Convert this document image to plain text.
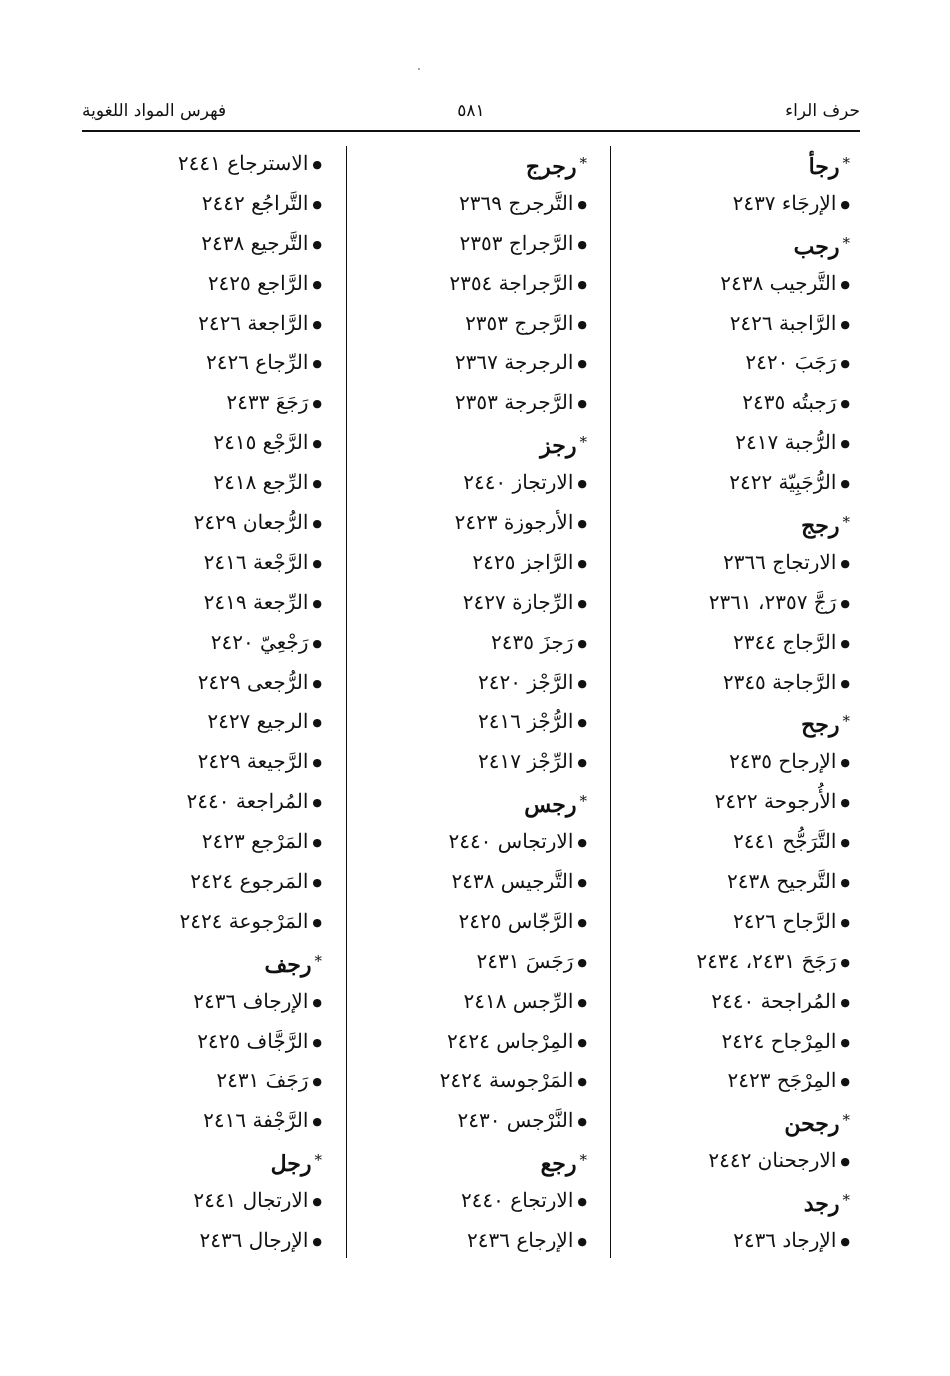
حرف الراء
٥٨١
فهرس المواد اللغوية
*رجأ
●الإرجَاء ٢٤٣٧
*رجب
●التَّرجيب ٢٤٣٨
●الرَّاجبة ٢٤٢٦
●رَجَبَ ٢٤٢٠
●رَجبتُه ٢٤٣٥
●الرُّجبة ٢٤١٧
●الرُّجَبِيّة ٢٤٢٢
*رجج
●الارتجاج ٢٣٦٦
●رَجَّ ٢٣٥٧، ٢٣٦١
●الرَّجاج ٢٣٤٤
●الرَّجاجة ٢٣٤٥
*رجح
●الإرجاح ٢٤٣٥
●الأُرجوحة ٢٤٢٢
●التَّرَجُّح ٢٤٤١
●التَّرجيح ٢٤٣٨
●الرَّجاح ٢٤٢٦
●رَجَحَ ٢٤٣١، ٢٤٣٤
●المُراجحة ٢٤٤٠
●المِرْجاح ٢٤٢٤
●المِرْجَح ٢٤٢٣
*رجحن
●الارجحنان ٢٤٤٢
*رجد
●الإرجاد ٢٤٣٦
*رجرج
●التَّرجرج ٢٣٦٩
●الرَّجراج ٢٣٥٣
●الرَّجراجة ٢٣٥٤
●الرَّجرج ٢٣٥٣
●الرجرجة ٢٣٦٧
●الرَّجرجة ٢٣٥٣
*رجز
●الارتجاز ٢٤٤٠
●الأرجوزة ٢٤٢٣
●الرَّاجز ٢٤٢٥
●الرِّجازة ٢٤٢٧
●رَجزَ ٢٤٣٥
●الرَّجْز ٢٤٢٠
●الرُّجْز ٢٤١٦
●الرِّجْز ٢٤١٧
*رجس
●الارتجاس ٢٤٤٠
●التَّرجيس ٢٤٣٨
●الرَّجّاس ٢٤٢٥
●رَجَسَ ٢٤٣١
●الرِّجس ٢٤١٨
●المِرْجاس ٢٤٢٤
●المَرْجوسة ٢٤٢٤
●النَّرْجس ٢٤٣٠
*رجع
●الارتجاع ٢٤٤٠
●الإرجاع ٢٤٣٦
●الاسترجاع ٢٤٤١
●التَّراجُع ٢٤٤٢
●التَّرجيع ٢٤٣٨
●الرَّاجع ٢٤٢٥
●الرَّاجعة ٢٤٢٦
●الرِّجاع ٢٤٢٦
●رَجَعَ ٢٤٣٣
●الرَّجْع ٢٤١٥
●الرِّجع ٢٤١٨
●الرُّجعان ٢٤٢٩
●الرَّجْعة ٢٤١٦
●الرِّجعة ٢٤١٩
●رَجْعِيّ ٢٤٢٠
●الرُّجعى ٢٤٢٩
●الرجيع ٢٤٢٧
●الرَّجيعة ٢٤٢٩
●المُراجعة ٢٤٤٠
●المَرْجع ٢٤٢٣
●المَرجوع ٢٤٢٤
●المَرْجوعة ٢٤٢٤
*رجف
●الإرجاف ٢٤٣٦
●الرَّجَّاف ٢٤٢٥
●رَجَفَ ٢٤٣١
●الرَّجْفة ٢٤١٦
*رجل
●الارتجال ٢٤٤١
●الإرجال ٢٤٣٦
